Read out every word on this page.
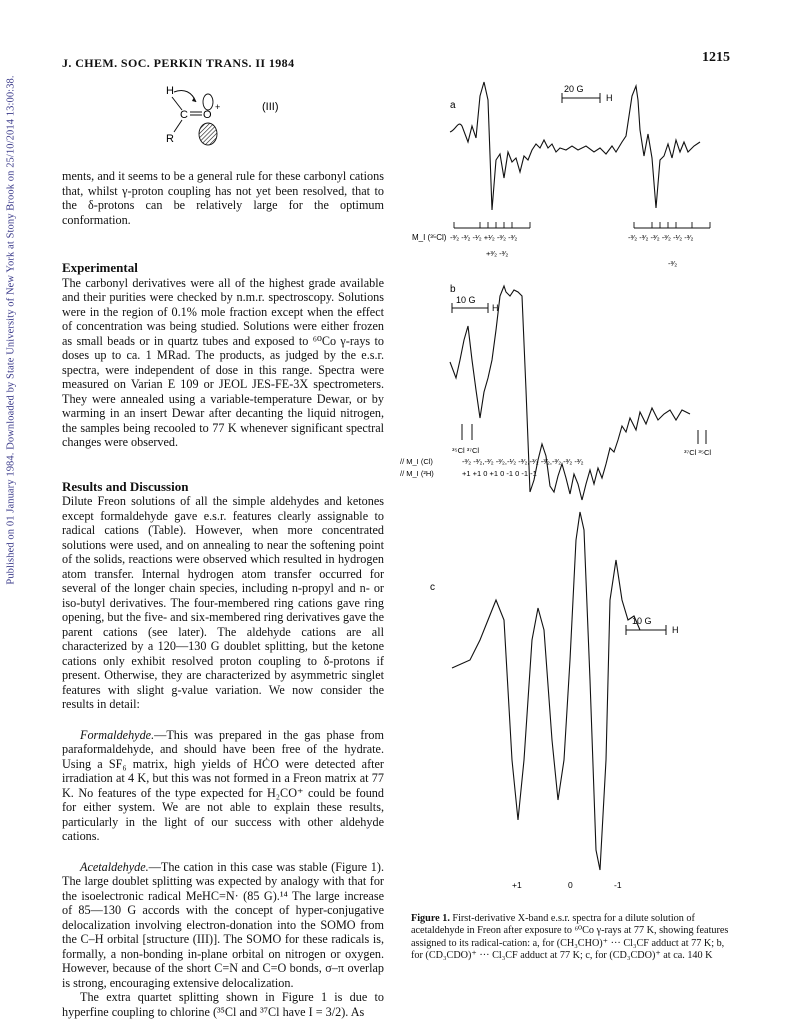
Published on 01 January 1984. Downloaded by State University of New York at Stony Brook on 25/10/2014 13:00:38.
J. CHEM. SOC. PERKIN TRANS. II 1984	1215
H
C O
+
R
(III)

ments, and it seems to be a general rule for these carbonyl cations that, whilst γ-proton coupling has not yet been resolved, that to the δ-protons can be relatively large for the optimum conformation.

Experimental

The carbonyl derivatives were all of the highest grade available and their purities were checked by n.m.r. spectroscopy. Solutions were in the region of 0.1% mole fraction except when the effect of concentration was being studied. Solutions were either frozen as small beads or in quartz tubes and exposed to ⁶⁰Co γ-rays to doses up to ca. 1 MRad. The products, as judged by the e.s.r. spectra, were independent of dose in this range. Spectra were measured on Varian E 109 or JEOL JES-FE-3X spectrometers. They were annealed using a variable-temperature Dewar, or by warming in an insert Dewar after decanting the liquid nitrogen, the samples being recooled to 77 K whenever significant spectral changes were observed.

Results and Discussion

Dilute Freon solutions of all the simple aldehydes and ketones except formaldehyde gave e.s.r. features clearly assignable to radical cations (Table). However, when more concentrated solutions were used, and on annealing to near the softening point of the solids, reactions were observed which resulted in hydrogen atom transfer. Internal hydrogen atom transfer occurred for several of the longer chain species, including n-propyl and n- or iso-butyl derivatives. The four-membered ring cations gave ring opening, but the five- and six-membered ring derivatives gave the parent cations (see later). The aldehyde cations are all characterized by a 120—130 G doublet splitting, but the ketone cations only exhibit resolved proton coupling to δ-protons if present. Otherwise, they are characterized by asymmetric singlet features with slight g-value variation. We now consider the results in detail:

Formaldehyde.—This was prepared in the gas phase from paraformaldehyde, and should have been free of the hydrate. Using a SF₆ matrix, high yields of HĊO were detected after irradiation at 4 K, but this was not formed in a Freon matrix at 77 K. No features of the type expected for H₂CO⁺ could be found for either system. We are not able to explain these results, particularly in the light of our success with other aldehyde cations.

Acetaldehyde.—The cation in this case was stable (Figure 1). The large doublet splitting was expected by analogy with that for the isoelectronic radical MeHC=N· (85 G).¹⁴ The large increase of 85—130 G accords with the concept of hyper-conjugative delocalization involving electron-donation into the SOMO from the C–H orbital [structure (III)]. The SOMO for these radicals is, formally, a non-bonding in-plane orbital on nitrogen or oxygen. However, because of the short C=N and C=O bonds, σ–π overlap is strong, encouraging extensive delocalization.

The extra quartet splitting shown in Figure 1 is due to hyperfine coupling to chlorine (³⁵Cl and ³⁷Cl have I = 3/2). As

a
b
c
20 G
H
10 G
H
10 G
H
M_I (³⁵Cl) -³⁄₂ -³⁄₂ -¹⁄₂ +¹⁄₂ -³⁄₂ -³⁄₂	-³⁄₂ -³⁄₂ -³⁄₂ -³⁄₂ -¹⁄₂ -³⁄₂
+³⁄₂ -³⁄₂
-³⁄₂
³⁵Cl ³⁷Cl	³⁷Cl ³⁵Cl
// M_I (Cl)
// M_I (²H)
-³⁄₂ -³⁄₂,-³⁄₂ -³⁄₂,-¹⁄₂ -³⁄₂,-³⁄₂ -³⁄₂,-³⁄₂ -³⁄₂ -³⁄₂
+1 +1 0 +1 0 -1 0 -1 -1
+1	0	-1
Figure 1. First-derivative X-band e.s.r. spectra for a dilute solution of acetaldehyde in Freon after exposure to ⁶⁰Co γ-rays at 77 K, showing features assigned to its radical-cation: a, for (CH₃CHO)⁺ ··· Cl₃CF adduct at 77 K; b, for (CD₃CDO)⁺ ··· Cl₃CF adduct at 77 K; c, for (CD₃CDO)⁺ at ca. 140 K
